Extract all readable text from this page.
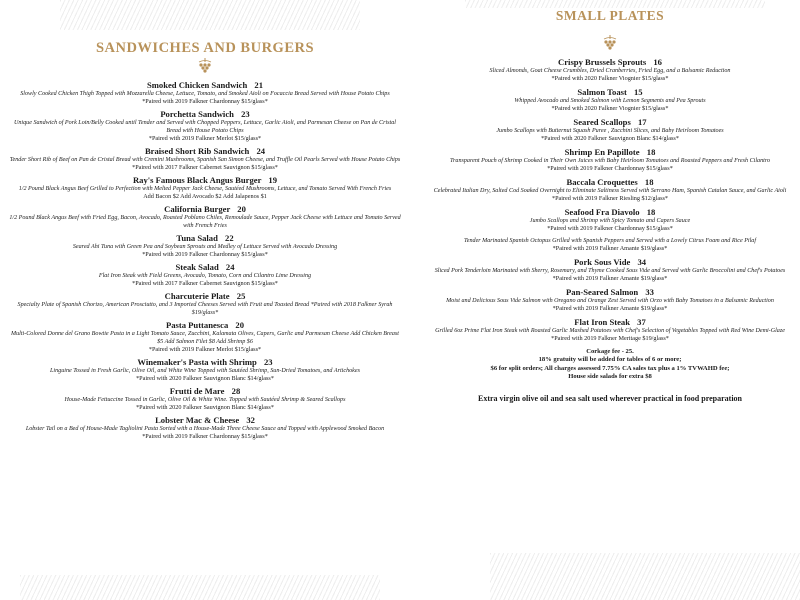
SANDWICHES AND BURGERS
Smoked Chicken Sandwich 21
Slowly Cooked Chicken Thigh Topped with Mozzarella Cheese, Lettuce, Tomato, and Smoked Aioli on Focaccia Bread Served with House Potato Chips
*Paired with 2019 Falkner Chardonnay $15/glass*
Porchetta Sandwich 23
Unique Sandwich of Pork Loin/Belly Cooked until Tender and Served with Chopped Peppers, Lettuce, Garlic Aioli, and Parmesan Cheese on Pan de Cristal Bread with House Potato Chips
*Paired with 2019 Falkner Merlot $15/glass*
Braised Short Rib Sandwich 24
Tender Short Rib of Beef on Pan de Cristal Bread with Cremini Mushrooms, Spanish San Simon Cheese, and Truffle Oil Pearls Served with House Potato Chips
*Paired with 2017 Falkner Cabernet Sauvignon $15/glass*
Ray's Famous Black Angus Burger 19
1/2 Pound Black Angus Beef Grilled to Perfection with Melted Pepper Jack Cheese, Sautéed Mushrooms, Lettuce, and Tomato Served With French Fries
Add Bacon $2 Add Avocado $2 Add Jalapenos $1
California Burger 20
1/2 Pound Black Angus Beef with Fried Egg, Bacon, Avocado, Roasted Poblano Chiles, Remoulade Sauce, Pepper Jack Cheese with Lettuce and Tomato Served with French Fries
Tuna Salad 22
Seared Ahi Tuna with Green Pea and Soybean Sprouts and Medley of Lettuce Served with Avocado Dressing
*Paired with 2019 Falkner Chardonnay $15/glass*
Steak Salad 24
Flat Iron Steak with Field Greens, Avocado, Tomato, Corn and Cilantro Lime Dressing
*Paired with 2017 Falkner Cabernet Sauvignon $15/glass*
Charcuterie Plate 25
Specialty Plate of Spanish Chorizo, American Prosciutto, and 3 Imported Cheeses Served with Fruit and Toasted Bread *Paired with 2018 Falkner Syrah $19/glass*
Pasta Puttanesca 20
Multi-Colored Donne del Grano Bowtie Pasta in a Light Tomato Sauce, Zucchini, Kalamata Olives, Capers, Garlic and Parmesan Cheese Add Chicken Breast $5 Add Salmon Filet $8 Add Shrimp $6
*Paired with 2019 Falkner Merlot $15/glass*
Winemaker's Pasta with Shrimp 23
Linguine Tossed in Fresh Garlic, Olive Oil, and White Wine Topped with Sautéed Shrimp, Sun-Dried Tomatoes, and Artichokes
*Paired with 2020 Falkner Sauvignon Blanc $14/glass*
Frutti de Mare 28
House-Made Fettuccine Tossed in Garlic, Olive Oil & White Wine. Topped with Sautéed Shrimp & Seared Scallops
*Paired with 2020 Falkner Sauvignon Blanc $14/glass*
Lobster Mac & Cheese 32
Lobster Tail on a Bed of House-Made Tagliolini Pasta Sorted with a House-Made Three Cheese Sauce and Topped with Applewood Smoked Bacon
*Paired with 2019 Falkner Chardonnay $15/glass*
SMALL PLATES
Crispy Brussels Sprouts 16
Sliced Almonds, Goat Cheese Crumbles, Dried Cranberries, Fried Egg, and a Balsamic Reduction
*Paired with 2020 Falkner Viognier $15/glass*
Salmon Toast 15
Whipped Avocado and Smoked Salmon with Lemon Segments and Pea Sprouts
*Paired with 2020 Falkner Viognier $15/glass*
Seared Scallops 17
Jumbo Scallops with Butternut Squash Puree , Zucchini Slices, and Baby Heirloom Tomatoes
*Paired with 2020 Falkner Sauvignon Blanc $14/glass*
Shrimp En Papillote 18
Transparent Pouch of Shrimp Cooked in Their Own Juices with Baby Heirloom Tomatoes and Roasted Peppers and Fresh Cilantro
*Paired with 2019 Falkner Chardonnay $15/glass*
Baccala Croquettes 18
Celebrated Italian Dry, Salted Cod Soaked Overnight to Eliminate Saltiness Served with Serrano Ham, Spanish Catalan Sauce, and Garlic Aioli
*Paired with 2019 Falkner Riesling $12/glass*
Seafood Fra Diavolo 18
Jumbo Scallops and Shrimp with Spicy Tomato and Capers Sauce
*Paired with 2019 Falkner Chardonnay $15/glass*
Tender Marinated Spanish Octopus Grilled with Spanish Peppers and Served with a Lovely Citrus Foam and Rice Pilaf
*Paired with 2019 Falkner Amante $19/glass*
Pork Sous Vide 34
Sliced Pork Tenderloin Marinated with Sherry, Rosemary, and Thyme Cooked Sous Vide and Served with Garlic Broccolini and Chef's Potatoes
*Paired with 2019 Falkner Amante $19/glass*
Pan-Seared Salmon 33
Moist and Delicious Sous Vide Salmon with Oregano and Orange Zest Served with Orzo with Baby Tomatoes in a Balsamic Reduction
*Paired with 2019 Falkner Amante $19/glass*
Flat Iron Steak 37
Grilled 6oz Prime Flat Iron Steak with Roasted Garlic Mashed Potatoes with Chef's Selection of Vegetables Topped with Red Wine Demi-Glaze
*Paired with 2019 Falkner Meritage $19/glass*
Corkage fee - 25.
18% gratuity will be added for tables of 6 or more;
$6 for split orders; All charges assessed 7.75% CA sales tax plus a 1% TVWAHD fee;
House side salads for extra $8
Extra virgin olive oil and sea salt used wherever practical in food preparation
